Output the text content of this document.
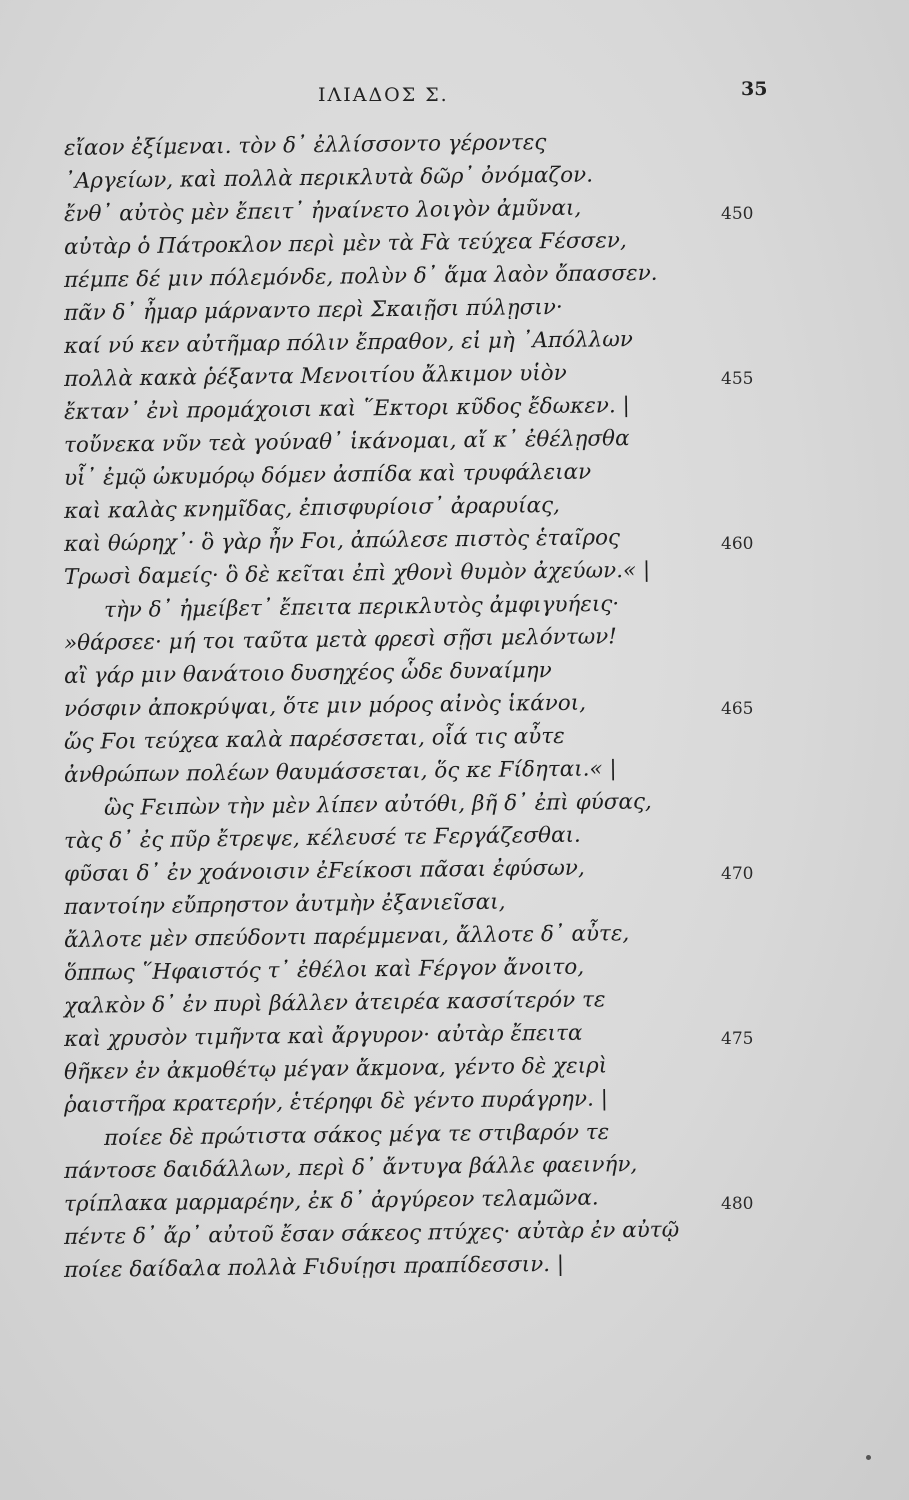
ΙΛΙΑΔΟΣ Σ.	35
εἴαον ἐξίμεναι. τὸν δ᾽ ἐλλίσσοντο γέροντες
᾽Αργείων, καὶ πολλὰ περικλυτὰ δῶρ᾽ ὀνόμαζον.
ἔνθ᾽ αὐτὸς μὲν ἔπειτ᾽ ἠναίνετο λοιγὸν ἀμῦναι,	450
αὐτὰρ ὁ Πάτροκλον περὶ μὲν τὰ Ϝὰ τεύχεα Ϝέσσεν,
πέμπε δέ μιν πόλεμόνδε, πολὺν δ᾽ ἅμα λαὸν ὄπασσεν.
πᾶν δ᾽ ἦμαρ μάρναντο περὶ Σκαιῇσι πύλῃσιν·
καί νύ κεν αὐτῆμαρ πόλιν ἔπραθον, εἰ μὴ ᾽Απόλλων
πολλὰ κακὰ ῥέξαντα Μενοιτίου ἄλκιμον υἱὸν	455
ἔκταν᾽ ἐνὶ προμάχοισι καὶ ῞Εκτορι κῦδος ἔδωκεν. |
τοὔνεκα νῦν τεὰ γούναθ᾽ ἱκάνομαι, αἴ κ᾽ ἐθέλῃσθα
υἷ᾽ ἐμῷ ὠκυμόρῳ δόμεν ἀσπίδα καὶ τρυφάλειαν
καὶ καλὰς κνημῖδας, ἐπισφυρίοισ᾽ ἀραρυίας,
καὶ θώρηχ᾽· ὃ γὰρ ἦν Ϝοι, ἀπώλεσε πιστὸς ἑταῖρος	460
Τρωσὶ δαμείς· ὃ δὲ κεῖται ἐπὶ χθονὶ θυμὸν ἀχεύων.« |
τὴν δ᾽ ἠμείβετ᾽ ἔπειτα περικλυτὸς ἀμφιγυήεις·
»θάρσεε· μή τοι ταῦτα μετὰ φρεσὶ σῇσι μελόντων!
αἲ γάρ μιν θανάτοιο δυσηχέος ὧδε δυναίμην
νόσφιν ἀποκρύψαι, ὅτε μιν μόρος αἰνὸς ἱκάνοι,	465
ὥς Ϝοι τεύχεα καλὰ παρέσσεται, οἷά τις αὖτε
ἀνθρώπων πολέων θαυμάσσεται, ὅς κε Ϝίδηται.« |
ὣς Ϝειπὼν τὴν μὲν λίπεν αὐτόθι, βῆ δ᾽ ἐπὶ φύσας,
τὰς δ᾽ ἐς πῦρ ἔτρεψε, κέλευσέ τε Ϝεργάζεσθαι.
φῦσαι δ᾽ ἐν χοάνοισιν ἐϜείκοσι πᾶσαι ἐφύσων,	470
παντοίην εὔπρηστον ἀυτμὴν ἐξανιεῖσαι,
ἄλλοτε μὲν σπεύδοντι παρέμμεναι, ἄλλοτε δ᾽ αὖτε,
ὅππως ῞Ηφαιστός τ᾽ ἐθέλοι καὶ Ϝέργον ἄνοιτο,
χαλκὸν δ᾽ ἐν πυρὶ βάλλεν ἀτειρέα κασσίτερόν τε
καὶ χρυσὸν τιμῆντα καὶ ἄργυρον· αὐτὰρ ἔπειτα	475
θῆκεν ἐν ἀκμοθέτῳ μέγαν ἄκμονα, γέντο δὲ χειρὶ
ῥαιστῆρα κρατερήν, ἑτέρηφι δὲ γέντο πυράγρην. |
ποίεε δὲ πρώτιστα σάκος μέγα τε στιβαρόν τε
πάντοσε δαιδάλλων, περὶ δ᾽ ἄντυγα βάλλε φαεινήν,
τρίπλακα μαρμαρέην, ἐκ δ᾽ ἀργύρεον τελαμῶνα.	480
πέντε δ᾽ ἄρ᾽ αὐτοῦ ἔσαν σάκεος πτύχες· αὐτὰρ ἐν αὐτῷ
ποίεε δαίδαλα πολλὰ Ϝιδυίῃσι πραπίδεσσιν. |
